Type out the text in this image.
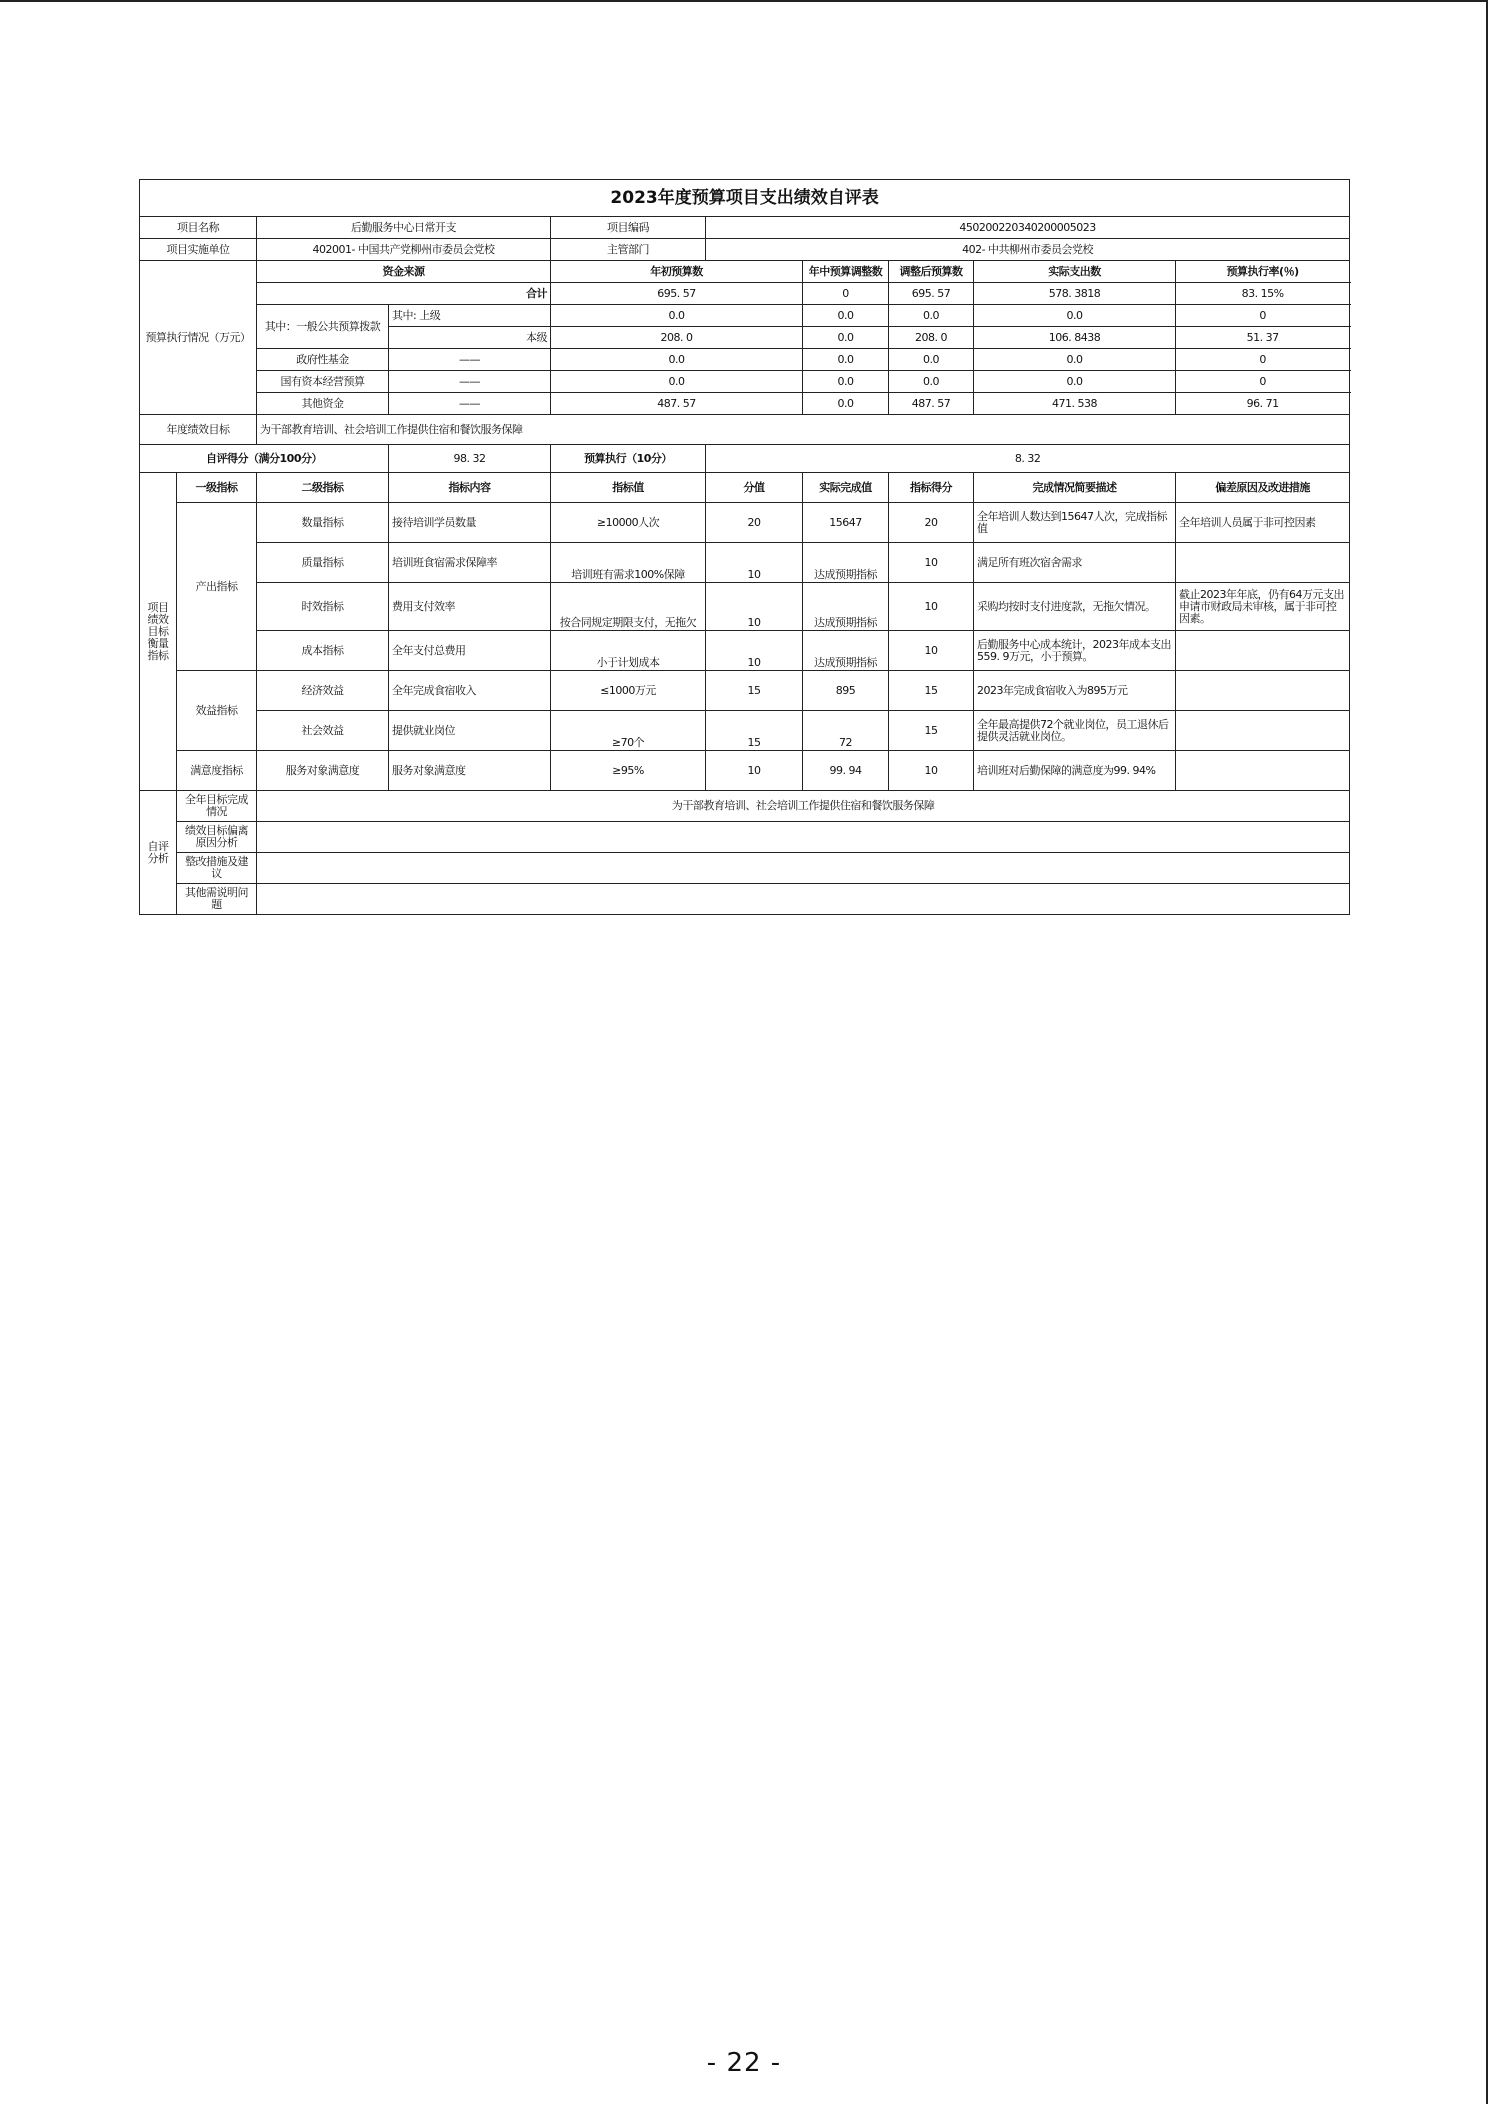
2023年度预算项目支出绩效自评表									
项目名称		后勤服务中心日常开支		项目编码	450200220340200005023				
项目实施单位		402001- 中国共产党柳州市委员会党校		主管部门	402- 中共柳州市委员会党校				
预算执行情况（万元）		资金来源		年初预算数		年中预算调整数	调整后预算数	实际支出数	预算执行率(％)
		合计		695. 57		0	695. 57	578. 3818	83. 15%
		其中：一般公共预算拨款	其中: 上级	0.0		0.0	0.0	0.0	0
			本级	208. 0		0.0	208. 0	106. 8438	51. 37
		政府性基金	——	0.0		0.0	0.0	0.0	0
		国有资本经营预算	——	0.0		0.0	0.0	0.0	0
		其他资金	——	487. 57		0.0	487. 57	471. 538	96. 71
年度绩效目标		为干部教育培训、社会培训工作提供住宿和餐饮服务保障							
自评得分（满分100分）			98. 32	预算执行（10分）	8. 32				
项目
绩效
目标
衡量
指标	一级指标	二级指标	指标内容	指标值	分值	实际完成值	指标得分	完成情况简要描述	偏差原因及改进措施
	产出指标	数量指标	接待培训学员数量	≥10000人次	20	15647	20	全年培训人数达到15647人次，完成指标值	全年培训人员属于非可控因素
		质量指标	培训班食宿需求保障率	培训班有需求100%保障	10	达成预期指标	10	满足所有班次宿舍需求	
		时效指标	费用支付效率	按合同规定期限支付，无拖欠	10	达成预期指标	10	采购均按时支付进度款，无拖欠情况。	截止2023年年底，仍有64万元支出申请市财政局未审核，属于非可控因素。
		成本指标	全年支付总费用	小于计划成本	10	达成预期指标	10	后勤服务中心成本统计，2023年成本支出559. 9万元，小于预算。	
	效益指标	经济效益	全年完成食宿收入	≤1000万元	15	895	15	2023年完成食宿收入为895万元	
		社会效益	提供就业岗位	≥70个	15	72	15	全年最高提供72个就业岗位，员工退休后提供灵活就业岗位。	
	满意度指标	服务对象满意度	服务对象满意度	≥95%	10	99. 94	10	培训班对后勤保障的满意度为99. 94%	
自评
分析	全年目标完成情况	为干部教育培训、社会培训工作提供住宿和餐饮服务保障							
	绩效目标偏离原因分析								
	整改措施及建议								
	其他需说明问题								
- 22 -
